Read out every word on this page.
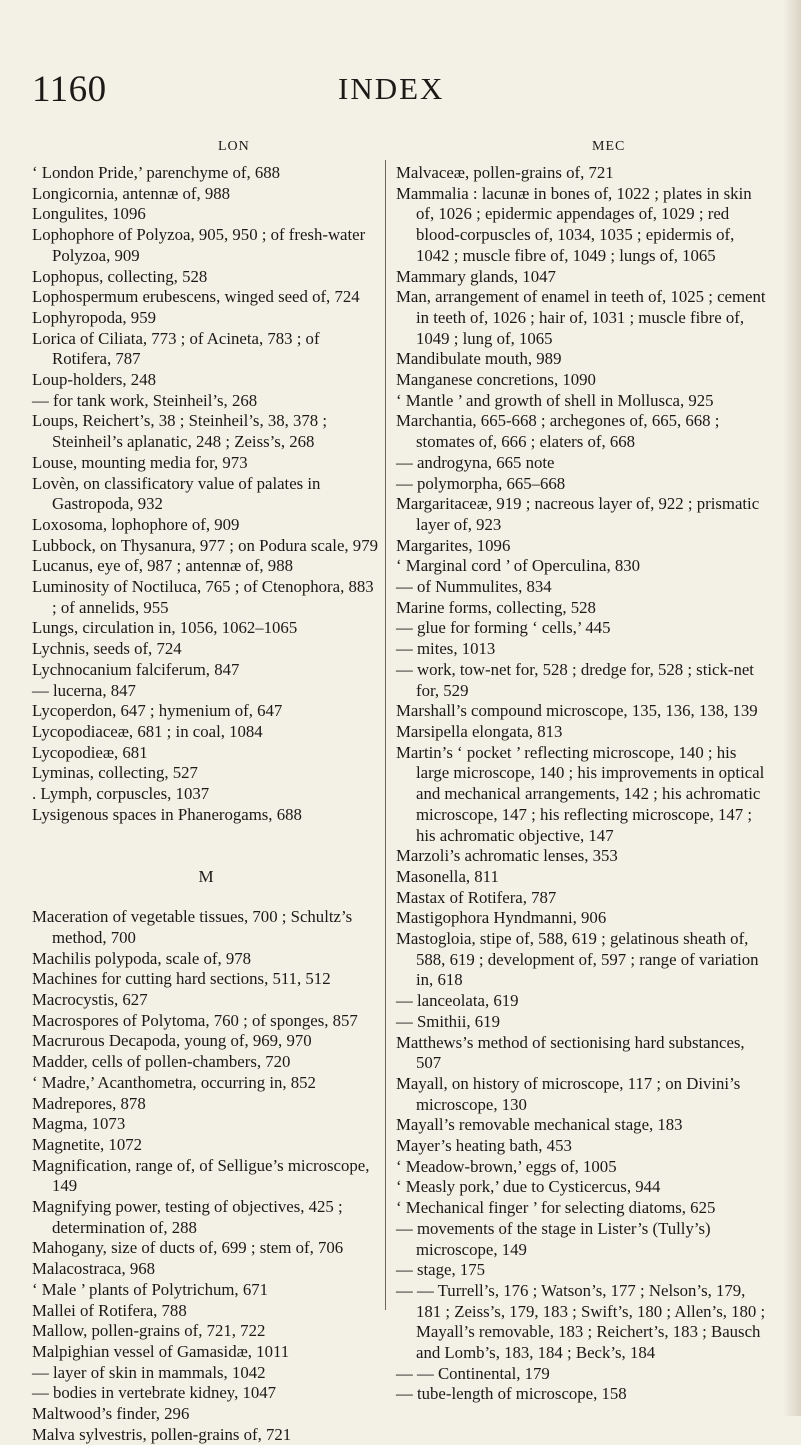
1160	INDEX
LON	MEC
‘ London Pride,’ parenchyme of, 688
Longicornia, antennæ of, 988
Longulites, 1096
Lophophore of Polyzoa, 905, 950 ; of fresh-water Polyzoa, 909
Lophopus, collecting, 528
Lophospermum erubescens, winged seed of, 724
Lophyropoda, 959
Lorica of Ciliata, 773 ; of Acineta, 783 ; of Rotifera, 787
Loup-holders, 248
— for tank work, Steinheil’s, 268
Loups, Reichert’s, 38 ; Steinheil’s, 38, 378 ; Steinheil’s aplanatic, 248 ; Zeiss’s, 268
Louse, mounting media for, 973
Lovèn, on classificatory value of palates in Gastropoda, 932
Loxosoma, lophophore of, 909
Lubbock, on Thysanura, 977 ; on Podura scale, 979
Lucanus, eye of, 987 ; antennæ of, 988
Luminosity of Noctiluca, 765 ; of Ctenophora, 883 ; of annelids, 955
Lungs, circulation in, 1056, 1062–1065
Lychnis, seeds of, 724
Lychnocanium falciferum, 847
— lucerna, 847
Lycoperdon, 647 ; hymenium of, 647
Lycopodiaceæ, 681 ; in coal, 1084
Lycopodieæ, 681
Lyminas, collecting, 527
. Lymph, corpuscles, 1037
Lysigenous spaces in Phanerogams, 688
M
Maceration of vegetable tissues, 700 ; Schultz’s method, 700
Machilis polypoda, scale of, 978
Machines for cutting hard sections, 511, 512
Macrocystis, 627
Macrospores of Polytoma, 760 ; of sponges, 857
Macrurous Decapoda, young of, 969, 970
Madder, cells of pollen-chambers, 720
‘ Madre,’ Acanthometra, occurring in, 852
Madrepores, 878
Magma, 1073
Magnetite, 1072
Magnification, range of, of Selligue’s microscope, 149
Magnifying power, testing of objectives, 425 ; determination of, 288
Mahogany, size of ducts of, 699 ; stem of, 706
Malacostraca, 968
‘ Male ’ plants of Polytrichum, 671
Mallei of Rotifera, 788
Mallow, pollen-grains of, 721, 722
Malpighian vessel of Gamasidæ, 1011
— layer of skin in mammals, 1042
— bodies in vertebrate kidney, 1047
Maltwood’s finder, 296
Malva sylvestris, pollen-grains of, 721
Malvaceæ, pollen-grains of, 721
Mammalia : lacunæ in bones of, 1022 ; plates in skin of, 1026 ; epidermic appendages of, 1029 ; red blood-corpuscles of, 1034, 1035 ; epidermis of, 1042 ; muscle fibre of, 1049 ; lungs of, 1065
Mammary glands, 1047
Man, arrangement of enamel in teeth of, 1025 ; cement in teeth of, 1026 ; hair of, 1031 ; muscle fibre of, 1049 ; lung of, 1065
Mandibulate mouth, 989
Manganese concretions, 1090
‘ Mantle ’ and growth of shell in Mollusca, 925
Marchantia, 665-668 ; archegones of, 665, 668 ; stomates of, 666 ; elaters of, 668
— androgyna, 665 note
— polymorpha, 665–668
Margaritaceæ, 919 ; nacreous layer of, 922 ; prismatic layer of, 923
Margarites, 1096
‘ Marginal cord ’ of Operculina, 830
— of Nummulites, 834
Marine forms, collecting, 528
— glue for forming ‘ cells,’ 445
— mites, 1013
— work, tow-net for, 528 ; dredge for, 528 ; stick-net for, 529
Marshall’s compound microscope, 135, 136, 138, 139
Marsipella elongata, 813
Martin’s ‘ pocket ’ reflecting microscope, 140 ; his large microscope, 140 ; his improvements in optical and mechanical arrangements, 142 ; his achromatic microscope, 147 ; his reflecting microscope, 147 ; his achromatic objective, 147
Marzoli’s achromatic lenses, 353
Masonella, 811
Mastax of Rotifera, 787
Mastigophora Hyndmanni, 906
Mastogloia, stipe of, 588, 619 ; gelatinous sheath of, 588, 619 ; development of, 597 ; range of variation in, 618
— lanceolata, 619
— Smithii, 619
Matthews’s method of sectionising hard substances, 507
Mayall, on history of microscope, 117 ; on Divini’s microscope, 130
Mayall’s removable mechanical stage, 183
Mayer’s heating bath, 453
‘ Meadow-brown,’ eggs of, 1005
‘ Measly pork,’ due to Cysticercus, 944
‘ Mechanical finger ’ for selecting diatoms, 625
— movements of the stage in Lister’s (Tully’s) microscope, 149
— stage, 175
— — Turrell’s, 176 ; Watson’s, 177 ; Nelson’s, 179, 181 ; Zeiss’s, 179, 183 ; Swift’s, 180 ; Allen’s, 180 ; Mayall’s removable, 183 ; Reichert’s, 183 ; Bausch and Lomb’s, 183, 184 ; Beck’s, 184
— — Continental, 179
— tube-length of microscope, 158
